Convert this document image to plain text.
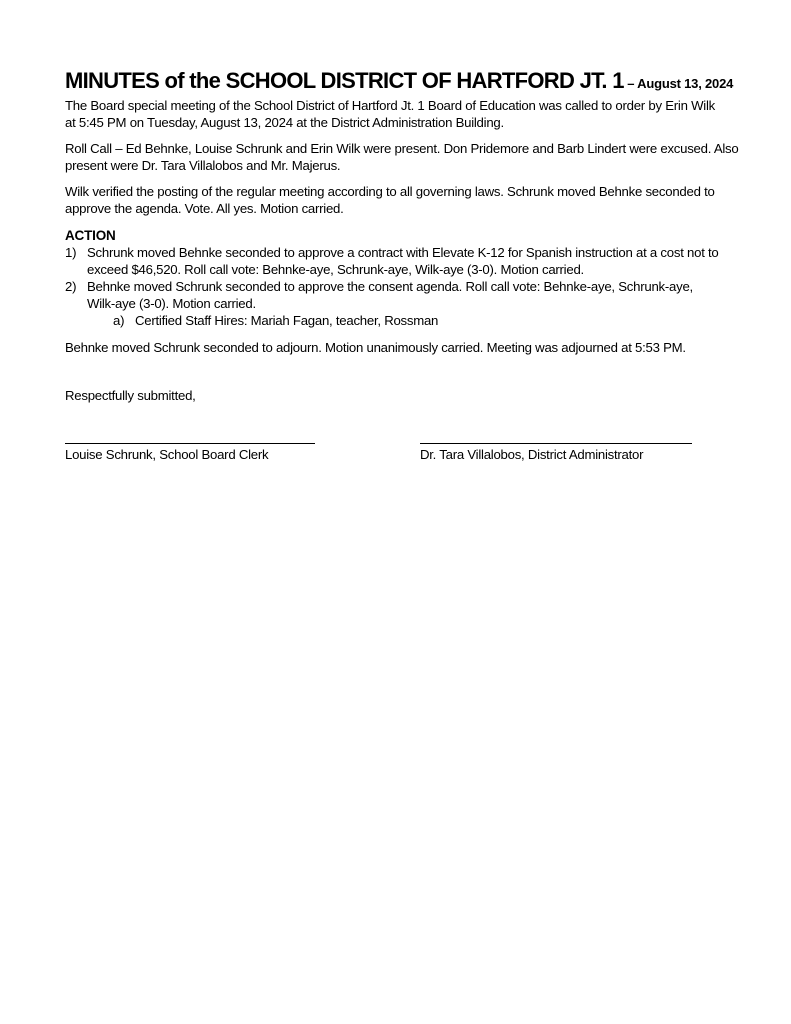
MINUTES of the SCHOOL DISTRICT OF HARTFORD JT. 1 – August 13, 2024

The Board special meeting of the School District of Hartford Jt. 1 Board of Education was called to order by Erin Wilk

at 5:45 PM on Tuesday, August 13, 2024 at the District Administration Building.

Roll Call – Ed Behnke, Louise Schrunk and Erin Wilk were present. Don Pridemore and Barb Lindert were excused. Also

present were Dr. Tara Villalobos and Mr. Majerus.

Wilk verified the posting of the regular meeting according to all governing laws. Schrunk moved Behnke seconded to

approve the agenda. Vote. All yes. Motion carried.

ACTION
1) Schrunk moved Behnke seconded to approve a contract with Elevate K-12 for Spanish instruction at a cost not to
exceed $46,520. Roll call vote: Behnke-aye, Schrunk-aye, Wilk-aye (3-0). Motion carried.
2) Behnke moved Schrunk seconded to approve the consent agenda. Roll call vote: Behnke-aye, Schrunk-aye,
Wilk-aye (3-0). Motion carried.
a) Certified Staff Hires: Mariah Fagan, teacher, Rossman

Behnke moved Schrunk seconded to adjourn. Motion unanimously carried. Meeting was adjourned at 5:53 PM.

Respectfully submitted,

Louise Schrunk, School Board Clerk	Dr. Tara Villalobos, District Administrator
